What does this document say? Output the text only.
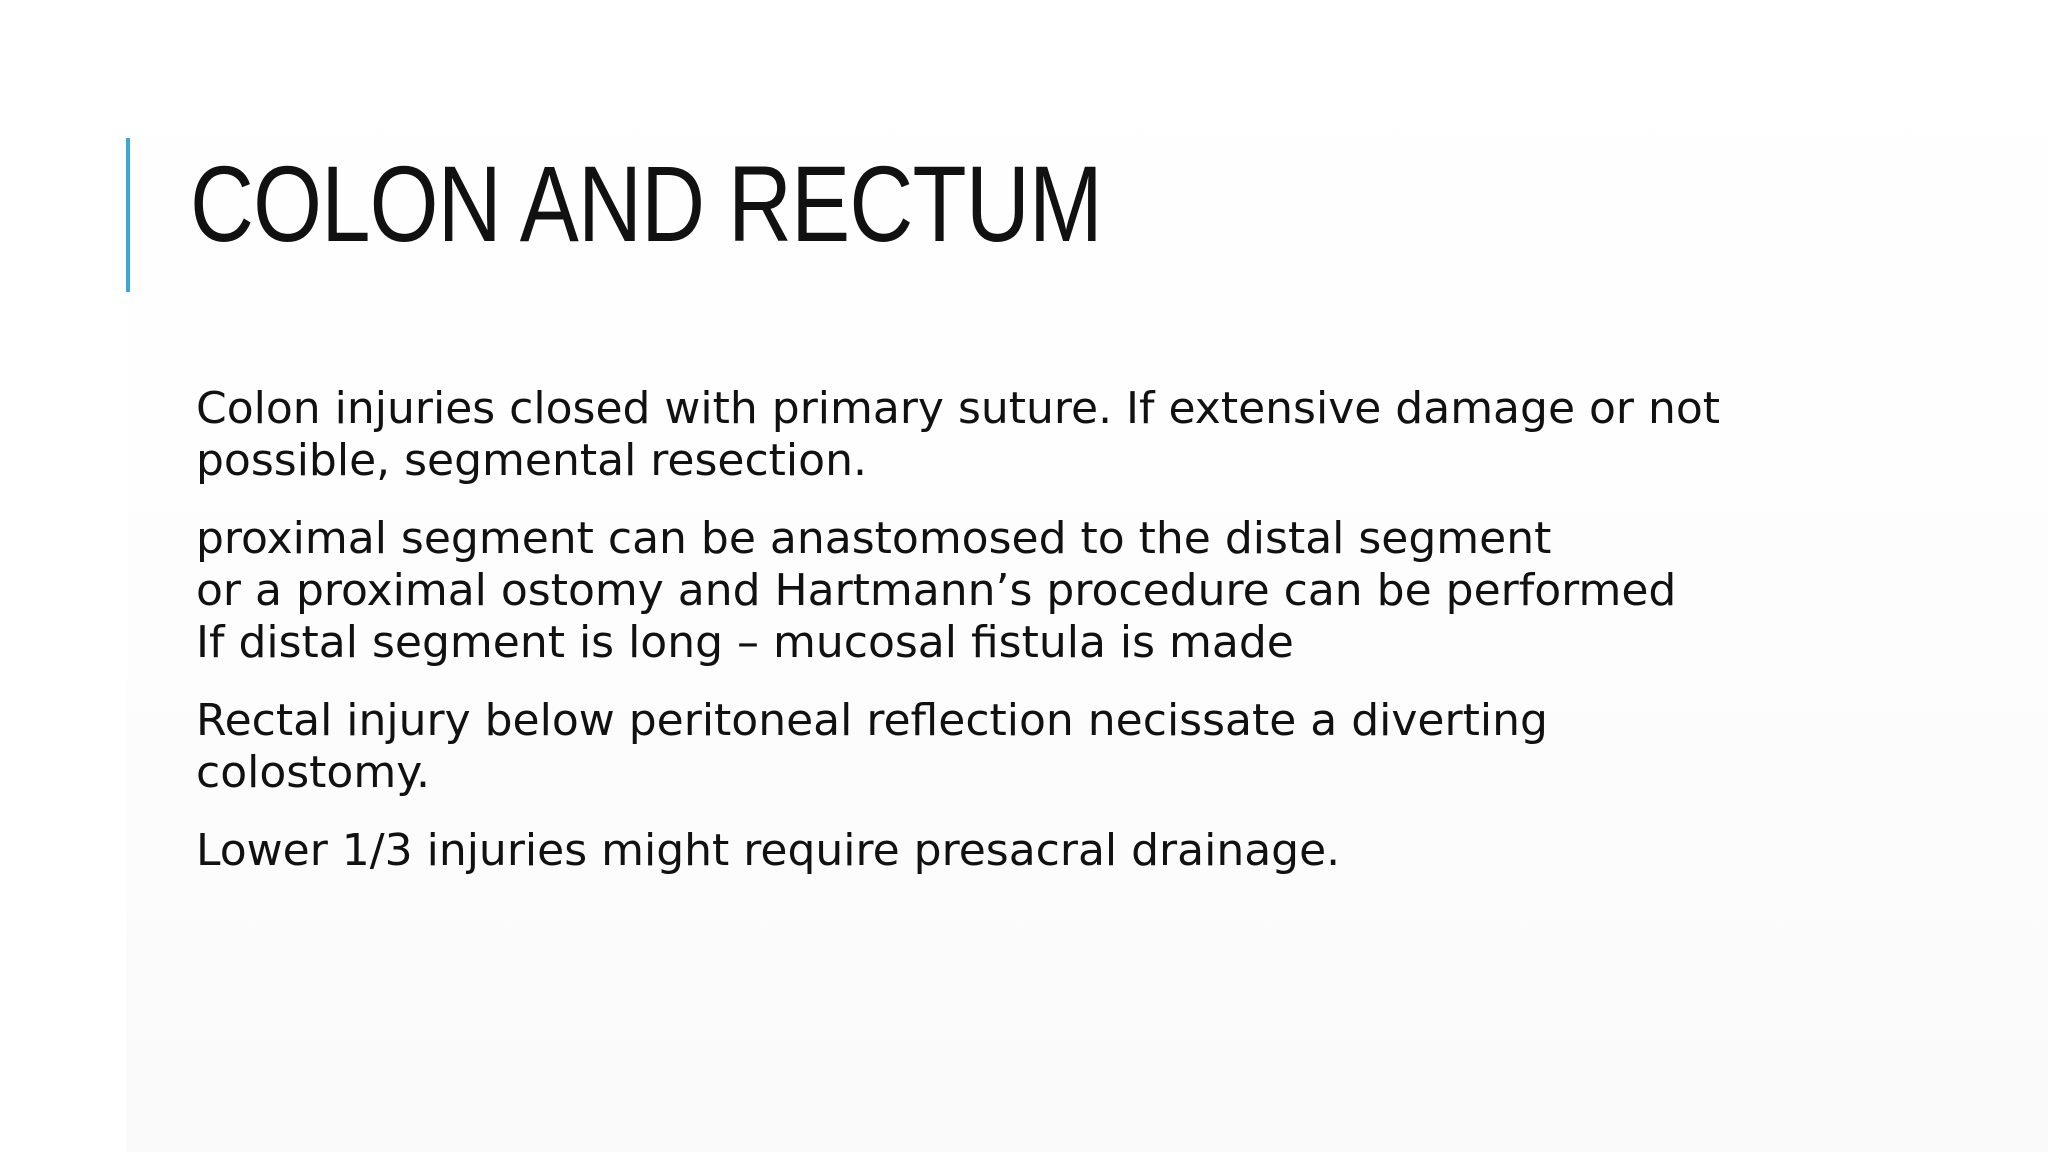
COLON AND RECTUM

Colon injuries closed with primary suture. If extensive damage or not
possible, segmental resection.

proximal segment can be anastomosed to the distal segment
or a proximal ostomy and Hartmann’s procedure can be performed
If distal segment is long – mucosal fistula is made

Rectal injury below peritoneal reflection necissate a diverting
colostomy.

Lower 1/3 injuries might require presacral drainage.
